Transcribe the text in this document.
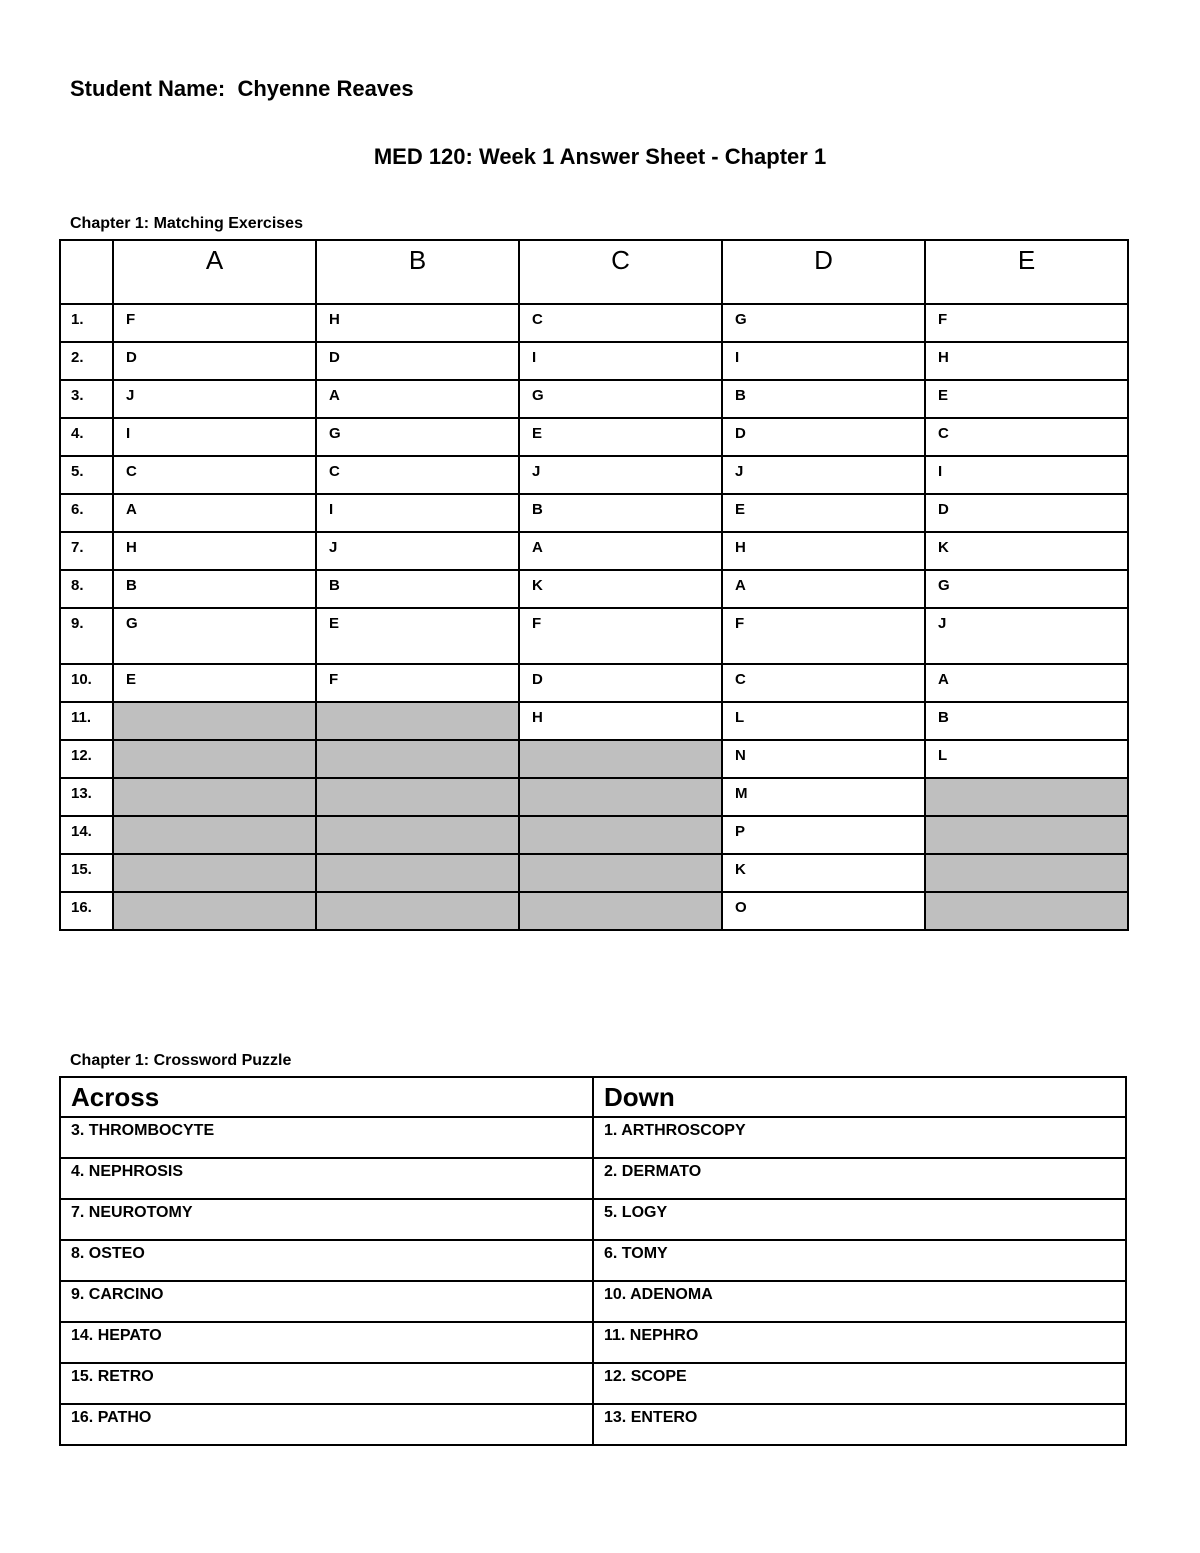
Student Name: Chyenne Reaves
MED 120: Week 1 Answer Sheet - Chapter 1
Chapter 1: Matching Exercises
	A	B	C	D	E
1.	F	H	C	G	F
2.	D	D	I	I	H
3.	J	A	G	B	E
4.	I	G	E	D	C
5.	C	C	J	J	I
6.	A	I	B	E	D
7.	H	J	A	H	K
8.	B	B	K	A	G
9.	G	E	F	F	J
10.	E	F	D	C	A
11.			H	L	B
12.				N	L
13.				M	
14.				P	
15.				K	
16.				O	
Chapter 1: Crossword Puzzle
Across	Down
3. THROMBOCYTE	1. ARTHROSCOPY
4. NEPHROSIS	2. DERMATO
7. NEUROTOMY	5. LOGY
8. OSTEO	6. TOMY
9. CARCINO	10. ADENOMA
14. HEPATO	11. NEPHRO
15. RETRO	12. SCOPE
16. PATHO	13. ENTERO
